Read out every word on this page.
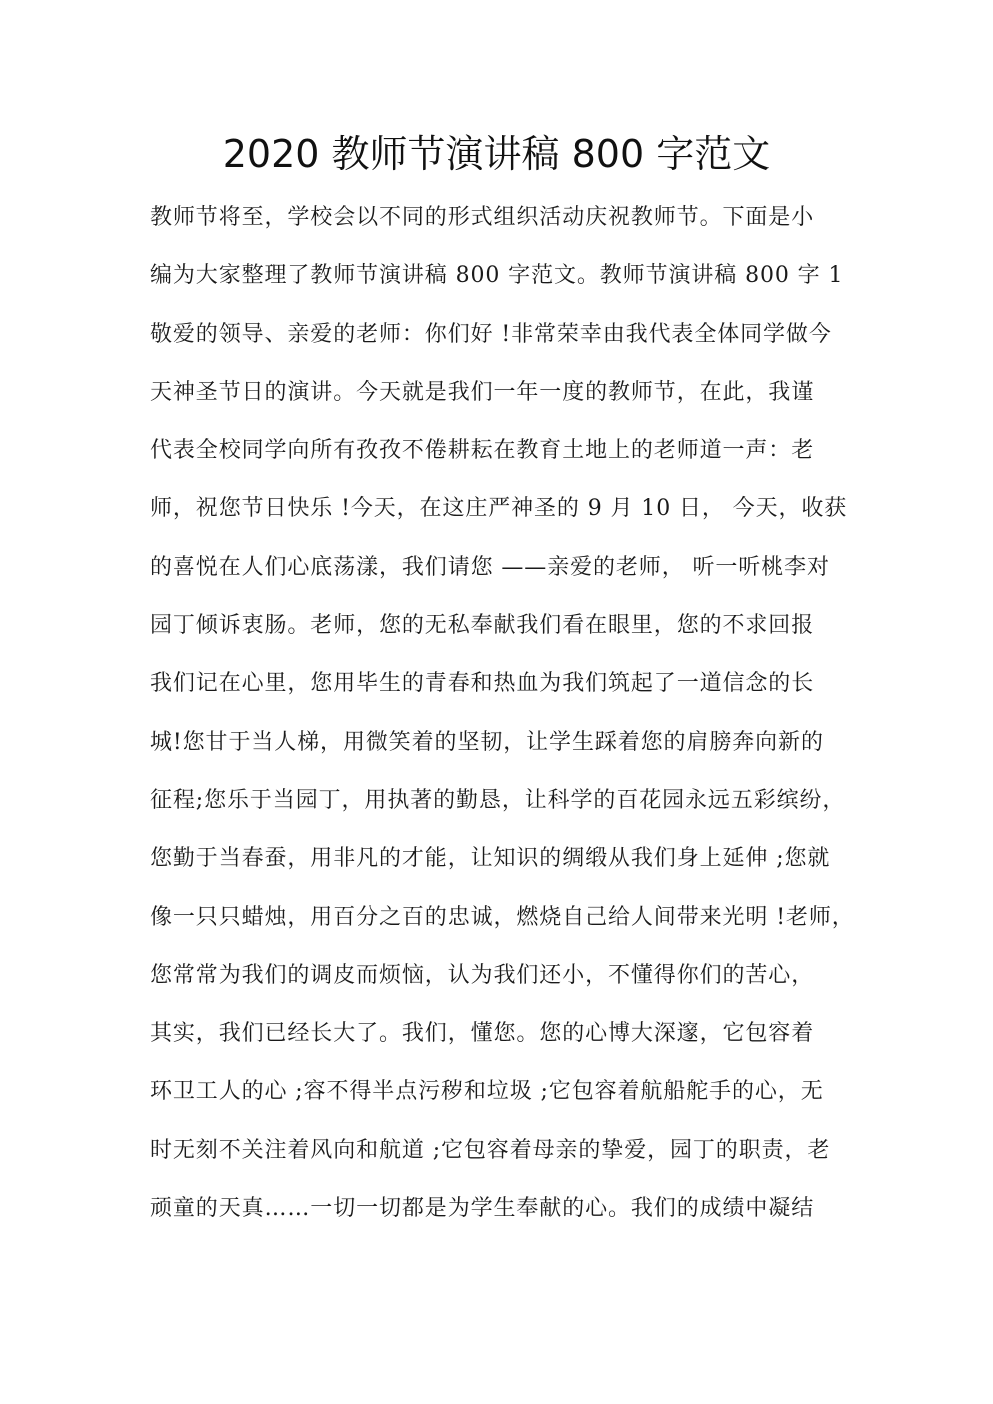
2020 教师节演讲稿 800 字范文
教师节将至，学校会以不同的形式组织活动庆祝教师节。下面是小
编为大家整理了教师节演讲稿 800 字范文。教师节演讲稿 800 字 1
敬爱的领导、亲爱的老师：你们好 !非常荣幸由我代表全体同学做今
天神圣节日的演讲。今天就是我们一年一度的教师节，在此，我谨
代表全校同学向所有孜孜不倦耕耘在教育土地上的老师道一声：老
师，祝您节日快乐 !今天，在这庄严神圣的 9 月 10 日， 今天，收获
的喜悦在人们心底荡漾，我们请您 ——亲爱的老师， 听一听桃李对
园丁倾诉衷肠。老师，您的无私奉献我们看在眼里，您的不求回报
我们记在心里，您用毕生的青春和热血为我们筑起了一道信念的长
城!您甘于当人梯，用微笑着的坚韧，让学生踩着您的肩膀奔向新的
征程;您乐于当园丁，用执著的勤恳，让科学的百花园永远五彩缤纷，
您勤于当春蚕，用非凡的才能，让知识的绸缎从我们身上延伸 ;您就
像一只只蜡烛，用百分之百的忠诚，燃烧自己给人间带来光明 !老师，
您常常为我们的调皮而烦恼，认为我们还小，不懂得你们的苦心，
其实，我们已经长大了。我们，懂您。您的心博大深邃，它包容着
环卫工人的心 ;容不得半点污秽和垃圾 ;它包容着航船舵手的心，无
时无刻不关注着风向和航道 ;它包容着母亲的挚爱，园丁的职责，老
顽童的天真……一切一切都是为学生奉献的心。我们的成绩中凝结
